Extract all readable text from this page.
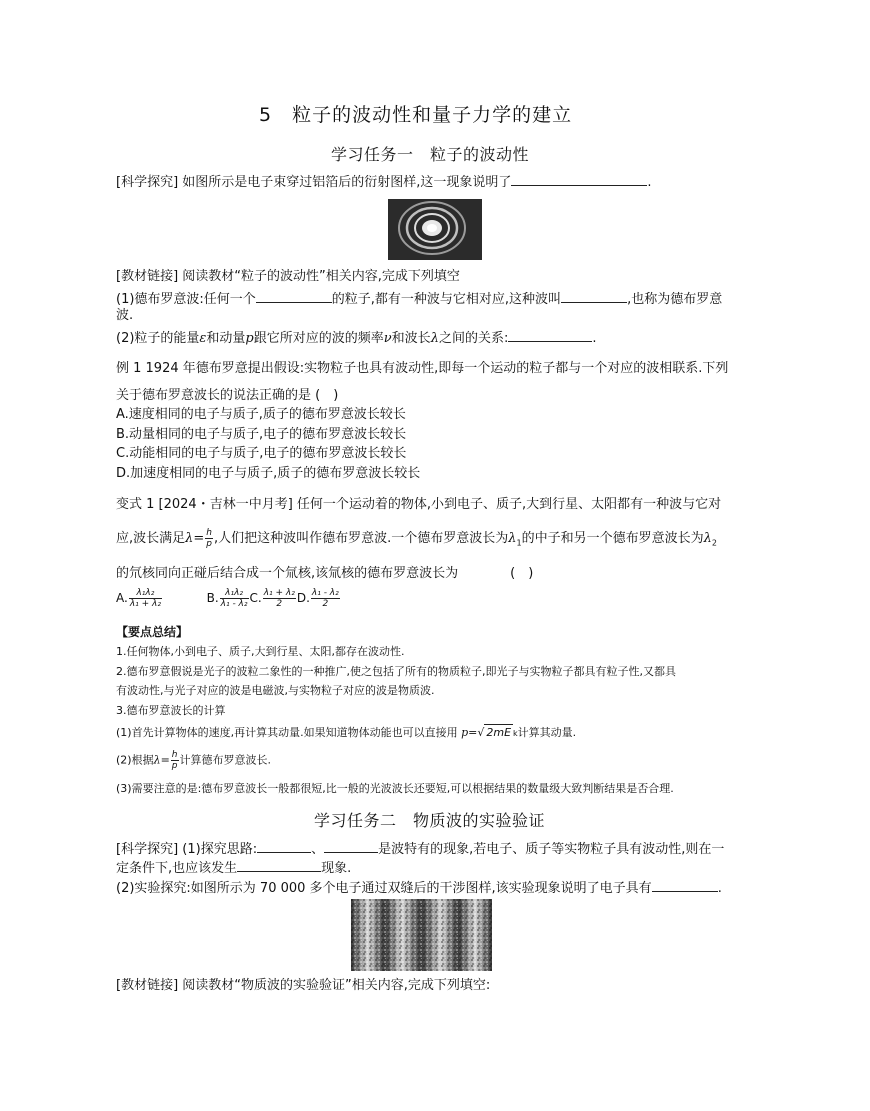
5　粒子的波动性和量子力学的建立
学习任务一　粒子的波动性
[科学探究] 如图所示是电子束穿过铝箔后的衍射图样,这一现象说明了	.
[教材链接] 阅读教材“粒子的波动性”相关内容,完成下列填空
(1)德布罗意波:任何一个	的粒子,都有一种波与它相对应,这种波叫	,也称为德布罗意
波.
(2)粒子的能量ε和动量p跟它所对应的波的频率ν和波长λ之间的关系:	.
例 1 1924 年德布罗意提出假设:实物粒子也具有波动性,即每一个运动的粒子都与一个对应的波相联系.下列
关于德布罗意波长的说法正确的是 (　)
A.速度相同的电子与质子,质子的德布罗意波长较长
B.动量相同的电子与质子,电子的德布罗意波长较长
C.动能相同的电子与质子,电子的德布罗意波长较长
D.加速度相同的电子与质子,质子的德布罗意波长较长
变式 1 [2024・吉林一中月考] 任何一个运动着的物体,小到电子、质子,大到行星、太阳都有一种波与它对
应,波长满足$\lambda= \frac{h}{p}$ ,人们把这种波叫作德布罗意波.一个德布罗意波长为$\lambda_1$的中子和另一个德布罗意波长为$\lambda_2$
的氘核同向正碰后结合成一个氚核,该氚核的德布罗意波长为　　　　(　)
A. $\frac{\text{λ₁λ₂}}{\text{λ₁ + λ₂}}$	B. $\frac{\text{λ₁λ₂}}{\text{λ₁ - λ₂}} C$. $\frac{\text{λ₁ + λ₂}}{2} D$. $\frac{\text{λ₁ - λ₂}}{2}$
【要点总结】
1.任何物体,小到电子、质子,大到行星、太阳,都存在波动性.
2.德布罗意假说是光子的波粒二象性的一种推广,使之包括了所有的物质粒子,即光子与实物粒子都具有粒子性,又都具
有波动性,与光子对应的波是电磁波,与实物粒子对应的波是物质波.
3.德布罗意波长的计算
(1)首先计算物体的速度,再计算其动量.如果知道物体动能也可以直接用 p=√ 2mE k计算其动量.
(2)根据$\lambda= \frac{h}{p}$ 计算德布罗意波长.
(3)需要注意的是:德布罗意波长一般都很短,比一般的光波波长还要短,可以根据结果的数量级大致判断结果是否合理.
学习任务二　物质波的实验验证
[科学探究] (1)探究思路:	、	是波特有的现象,若电子、质子等实物粒子具有波动性,则在一
定条件下,也应该发生	现象.
(2)实验探究:如图所示为 70 000 多个电子通过双缝后的干涉图样,该实验现象说明了电子具有	.
[教材链接] 阅读教材“物质波的实验验证”相关内容,完成下列填空:
